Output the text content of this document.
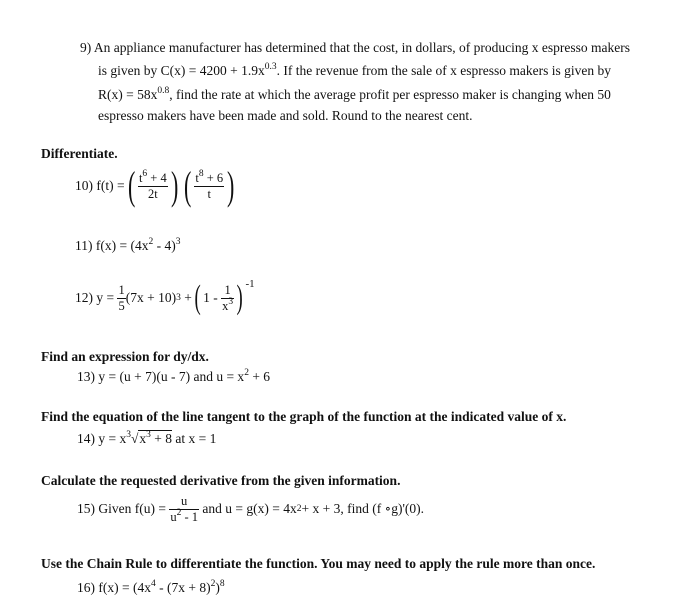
9) An appliance manufacturer has determined that the cost, in dollars, of producing x espresso makers
is given by $C(x) = 4200 + 1.9x^{0.3}$. If the revenue from the sale of x espresso makers is given by
$R(x) = 58x^{0.8}$, find the rate at which the average profit per espresso maker is changing when 50
espresso makers have been made and sold. Round to the nearest cent.
Differentiate.
10) f(t) = ( $\frac{t^6 + 4}{2t}$ ) ( $\frac{t^8 + 6}{t}$ )
11) $f(x) = (4x^2 - 4)^3$
12) y =
$\frac{1}{5} (7x + 10)$ 3
+ ( 1 -
$\frac{1}{x^3}$ ) -1
Find an expression for dy/dx.
13) y = (u + 7)(u - 7) and $u = x^2 + 6$
Find the equation of the line tangent to the graph of the function at the indicated value of x.
14) $y = x^3√x^3 + 8$ at x = 1
Calculate the requested derivative from the given information.
15) Given f(u) =
$\frac{u}{u^2 - 1}$
and u = g(x) = 4x 2 + x + 3, find (f ∘g)'(0).
Use the Chain Rule to differentiate the function. You may need to apply the rule more than once.
16) $f(x) = (4x^4 - (7x + 8)^2)^8$
